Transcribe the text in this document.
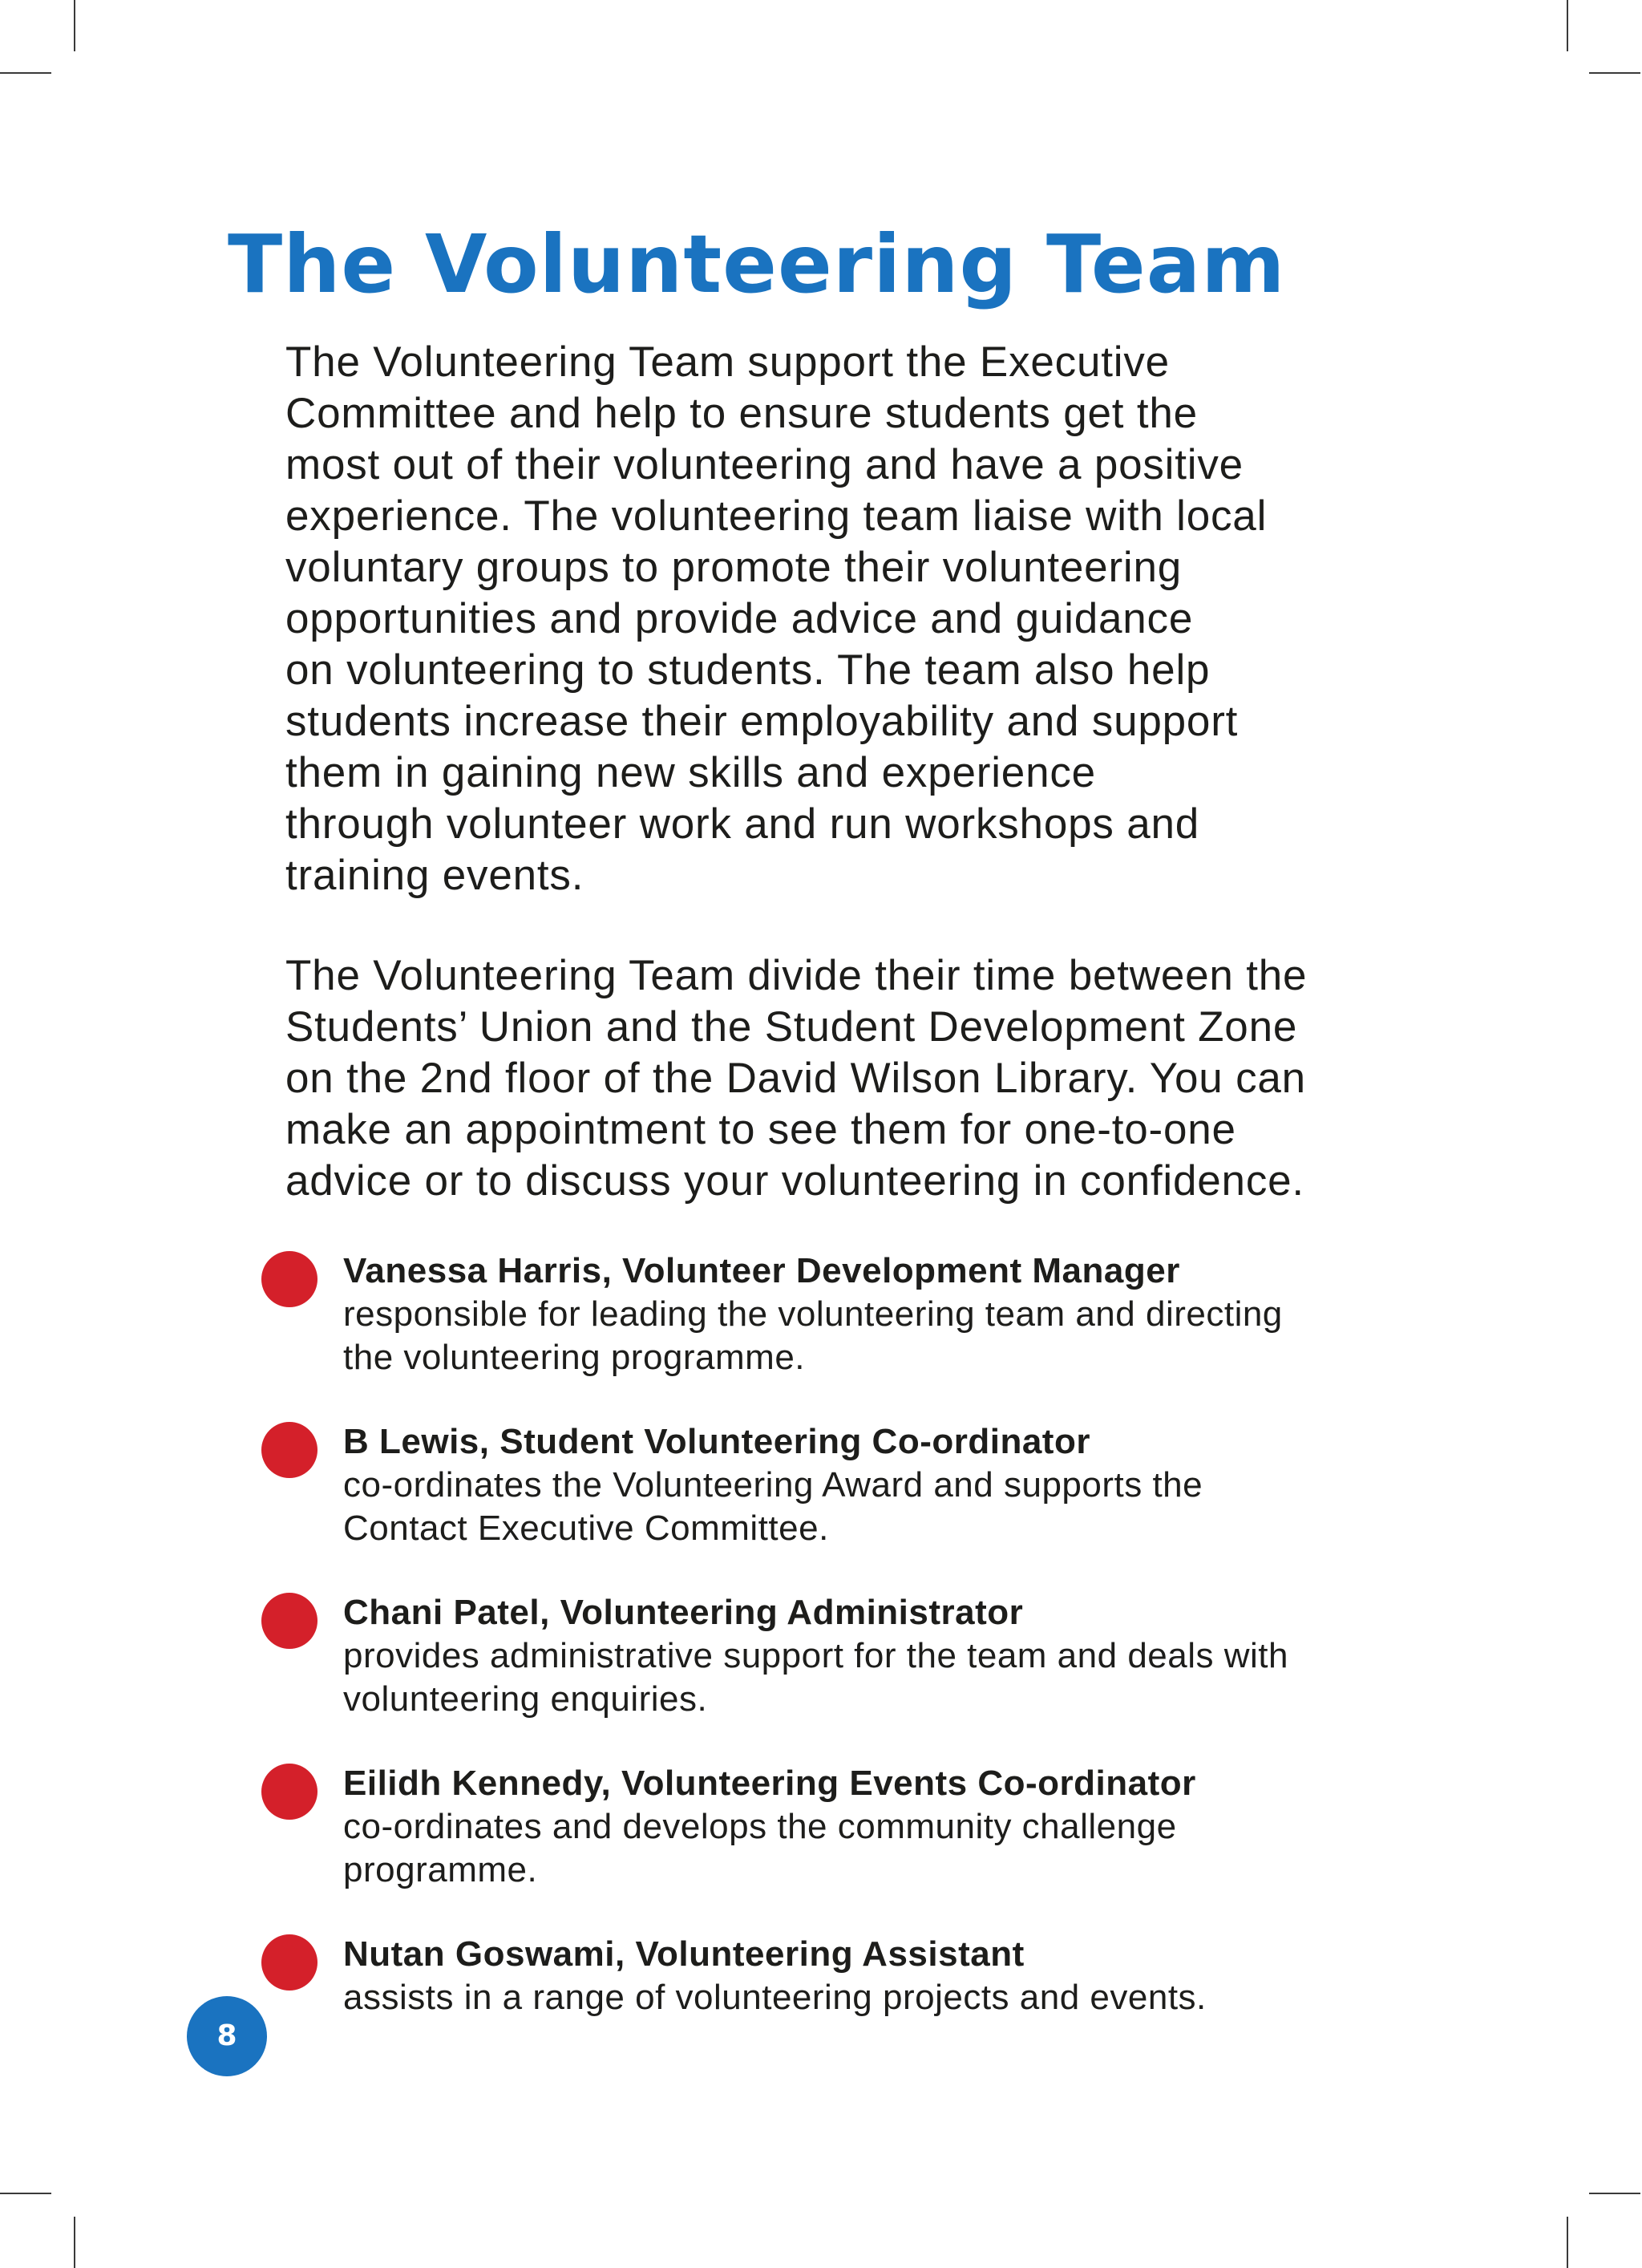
The Volunteering Team
The Volunteering Team support the Executive
Committee and help to ensure students get the
most out of their volunteering and have a positive
experience. The volunteering team liaise with local
voluntary groups to promote their volunteering
opportunities and provide advice and guidance
on volunteering to students. The team also help
students increase their employability and support
them in gaining new skills and experience
through volunteer work and run workshops and
training events.
The Volunteering Team divide their time between the
Students’ Union and the Student Development Zone
on the 2nd floor of the David Wilson Library. You can
make an appointment to see them for one-to-one
advice or to discuss your volunteering in confidence.
Vanessa Harris, Volunteer Development Manager
responsible for leading the volunteering team and directing
the volunteering programme.
B Lewis, Student Volunteering Co-ordinator
co-ordinates the Volunteering Award and supports the
Contact Executive Committee.
Chani Patel, Volunteering Administrator
provides administrative support for the team and deals with
volunteering enquiries.
Eilidh Kennedy, Volunteering Events Co-ordinator
co-ordinates and develops the community challenge
programme.
Nutan Goswami, Volunteering Assistant
assists in a range of volunteering projects and events.
8
